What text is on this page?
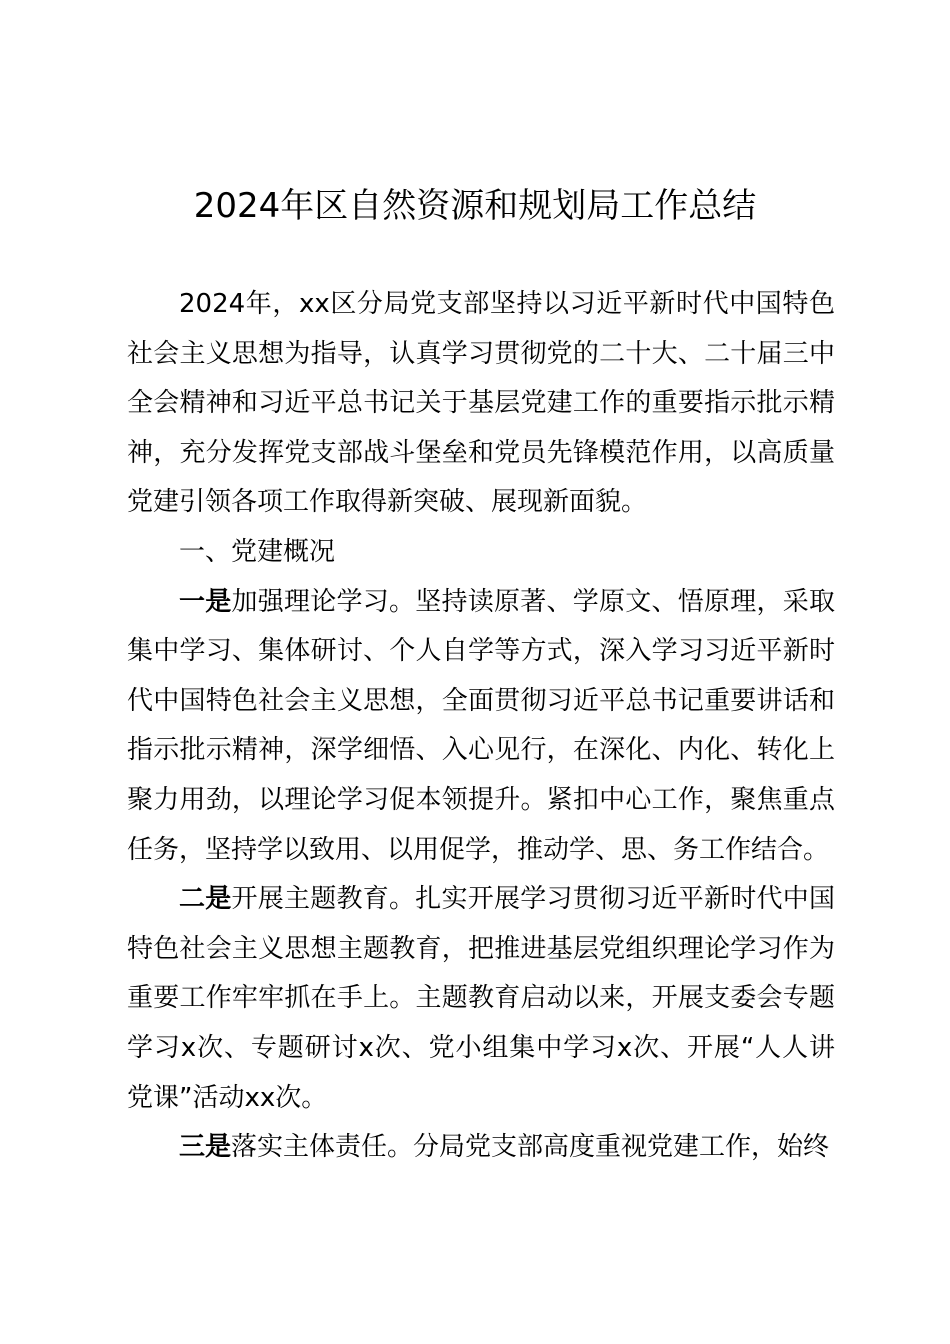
2024年区自然资源和规划局工作总结

2024年，xx区分局党支部坚持以习近平新时代中国特色社会主义思想为指导，认真学习贯彻党的二十大、二十届三中全会精神和习近平总书记关于基层党建工作的重要指示批示精神，充分发挥党支部战斗堡垒和党员先锋模范作用，以高质量党建引领各项工作取得新突破、展现新面貌。

一、党建概况

一是加强理论学习。坚持读原著、学原文、悟原理，采取集中学习、集体研讨、个人自学等方式，深入学习习近平新时代中国特色社会主义思想，全面贯彻习近平总书记重要讲话和指示批示精神，深学细悟、入心见行，在深化、内化、转化上聚力用劲，以理论学习促本领提升。紧扣中心工作，聚焦重点任务，坚持学以致用、以用促学，推动学、思、务工作结合。

二是开展主题教育。扎实开展学习贯彻习近平新时代中国特色社会主义思想主题教育，把推进基层党组织理论学习作为重要工作牢牢抓在手上。主题教育启动以来，开展支委会专题学习x次、专题研讨x次、党小组集中学习x次、开展“人人讲党课”活动xx次。

三是落实主体责任。分局党支部高度重视党建工作，始终
